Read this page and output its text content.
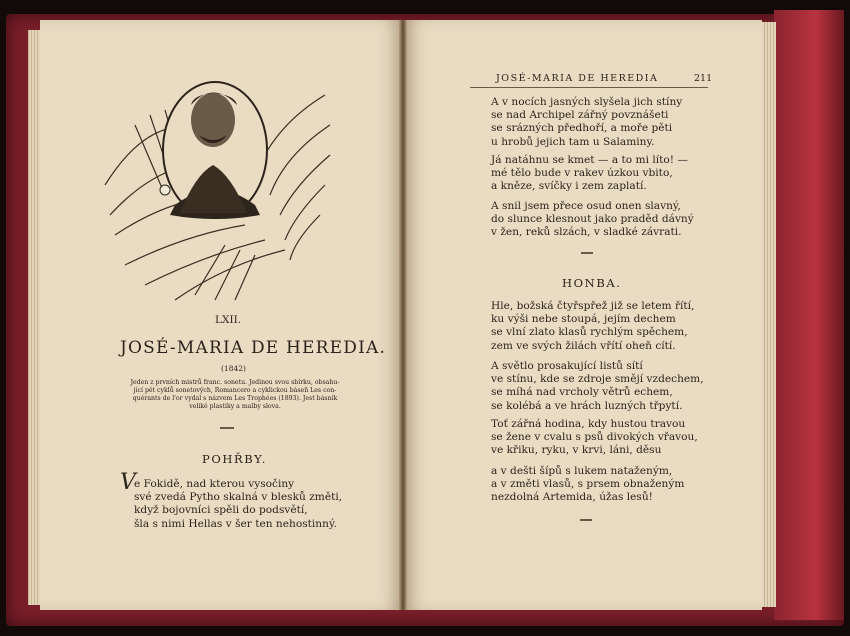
LXII.
JOSÉ-MARIA DE HEREDIA.
(1842)
Jeden z prvních mistrů franc. sonetu. Jedinou svou sbírku, obsahu-
jící pět cyklů sonetových, Romancero a cyklickou báseň Les con-
quérants de l'or vydal s názvem Les Trophées (1893). Jest básník
veliké plastiky a malby slova.
POHŘBY.
V
e Fokidě, nad kterou vysočiny
své zvedá Pytho skalná v blesků změti,
když bojovníci spěli do podsvětí,
šla s nimi Hellas v šer ten nehostinný.
JOSÉ-MARIA DE HEREDIA	211
A v nocích jasných slyšela jich stíny
se nad Archipel zářný povznášeti
se srázných předhoří, a moře pěti
u hrobů jejich tam u Salaminy.
Já natáhnu se kmet — a to mi líto! —
mé tělo bude v rakev úzkou vbito,
a kněze, svíčky i zem zaplatí.
A snil jsem přece osud onen slavný,
do slunce klesnout jako praděd dávný
v žen, reků slzách, v sladké závrati.
HONBA.
Hle, božská čtyřspřež již se letem řítí,
ku výši nebe stoupá, jejím dechem
se vlní zlato klasů rychlým spěchem,
zem ve svých žilách vřítí oheň cítí.
A světlo prosakující listů sítí
ve stínu, kde se zdroje smějí vzdechem,
se míhá nad vrcholy větrů echem,
se kolébá a ve hrách luzných třpytí.
Toť zářná hodina, kdy hustou travou
se žene v cvalu s psů divokých vřavou,
ve křiku, ryku, v krvi, láni, děsu
a v dešti šípů s lukem nataženým,
a v změti vlasů, s prsem obnaženým
nezdolná Artemida, úžas lesů!
